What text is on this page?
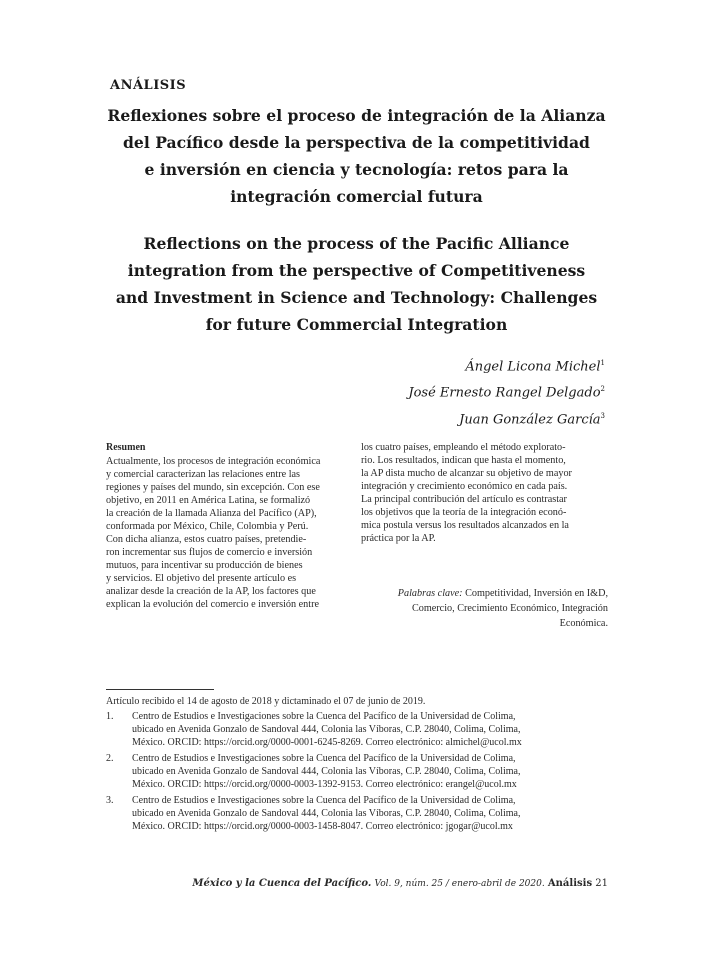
ANÁLISIS
Reflexiones sobre el proceso de integración de la Alianza
del Pacífico desde la perspectiva de la competitividad
e inversión en ciencia y tecnología: retos para la
integración comercial futura
Reflections on the process of the Pacific Alliance
integration from the perspective of Competitiveness
and Investment in Science and Technology: Challenges
for future Commercial Integration
Ángel Licona Michel$^1$
José Ernesto Rangel Delgado$^2$
Juan González García$^3$
Resumen
Actualmente, los procesos de integración económica
y comercial caracterizan las relaciones entre las
regiones y países del mundo, sin excepción. Con ese
objetivo, en 2011 en América Latina, se formalizó
la creación de la llamada Alianza del Pacífico (AP),
conformada por México, Chile, Colombia y Perú.
Con dicha alianza, estos cuatro países, pretendie-
ron incrementar sus flujos de comercio e inversión
mutuos, para incentivar su producción de bienes
y servicios. El objetivo del presente artículo es
analizar desde la creación de la AP, los factores que
explican la evolución del comercio e inversión entre
los cuatro países, empleando el método explorato-
rio. Los resultados, indican que hasta el momento,
la AP dista mucho de alcanzar su objetivo de mayor
integración y crecimiento económico en cada país.
La principal contribución del artículo es contrastar
los objetivos que la teoría de la integración econó-
mica postula versus los resultados alcanzados en la
práctica por la AP.
Palabras clave: Competitividad, Inversión en I&D,
Comercio, Crecimiento Económico, Integración
Económica.
Artículo recibido el 14 de agosto de 2018 y dictaminado el 07 de junio de 2019.
1. Centro de Estudios e Investigaciones sobre la Cuenca del Pacífico de la Universidad de Colima,
ubicado en Avenida Gonzalo de Sandoval 444, Colonia las Víboras, C.P. 28040, Colima, Colima,
México. ORCID: https://orcid.org/0000-0001-6245-8269. Correo electrónico: almichel@ucol.mx
2. Centro de Estudios e Investigaciones sobre la Cuenca del Pacífico de la Universidad de Colima,
ubicado en Avenida Gonzalo de Sandoval 444, Colonia las Víboras, C.P. 28040, Colima, Colima,
México. ORCID: https://orcid.org/0000-0003-1392-9153. Correo electrónico: erangel@ucol.mx
3. Centro de Estudios e Investigaciones sobre la Cuenca del Pacífico de la Universidad de Colima,
ubicado en Avenida Gonzalo de Sandoval 444, Colonia las Víboras, C.P. 28040, Colima, Colima,
México. ORCID: https://orcid.org/0000-0003-1458-8047. Correo electrónico: jgogar@ucol.mx
México y la Cuenca del Pacífico. Vol. 9, núm. 25 / enero-abril de 2020. Análisis 21
